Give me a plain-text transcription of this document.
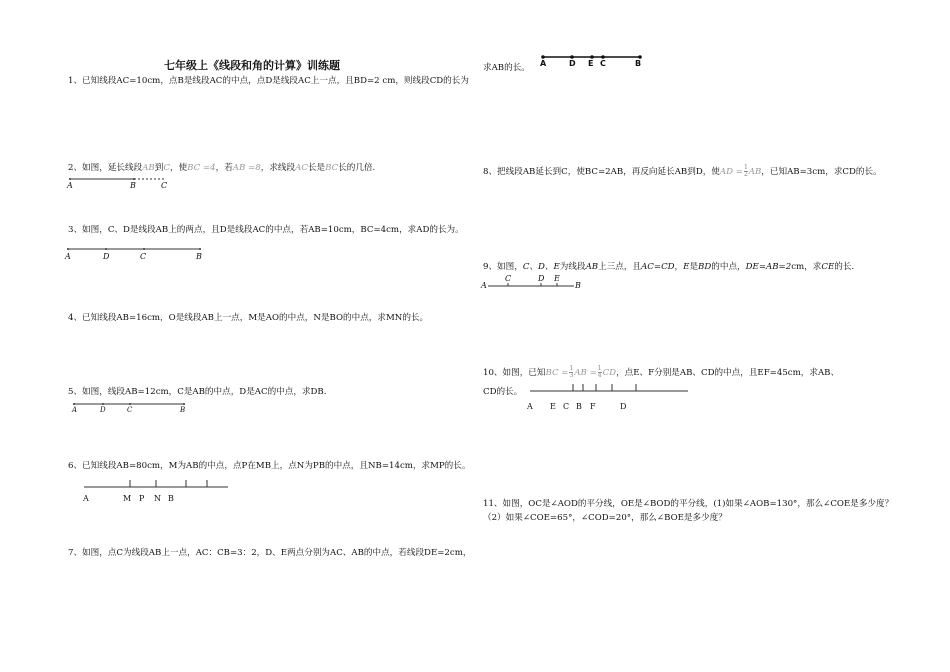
七年级上《线段和角的计算》训练题
1、已知线段AC=10cm，点B是线段AC的中点，点D是线段AC上一点，且BD=2 cm，则线段CD的长为
2、如图，延长线段AB到C，使BC =4，若AB =8，求线段AC长是BC长的几倍.
3、如图，C、D是线段AB上的两点，且D是线段AC的中点，若AB=10cm，BC=4cm，求AD的长为。
4、已知线段AB=16cm，O是线段AB上一点，M是AO的中点，N是BO的中点，求MN的长。
5、如图，线段AB=12cm，C是AB的中点，D是AC的中点，求DB.
6、已知线段AB=80cm，M为AB的中点，点P在MB上，点N为PB的中点，且NB=14cm，求MP的长。
7、如图，点C为线段AB上一点，AC：CB=3：2，D、E两点分别为AC、AB的中点，若线段DE=2cm，
求AB的长。
8、把线段AB延长到C，使BC=2AB，再反向延长AB到D，使AD = $\frac{1}{2}$ AB，已知AB=3cm，求CD的长。
9、如图，C、D、E为线段AB上三点，且AC=CD，E是BD的中点，DE=AB=2cm，求CE的长.
10、如图，已知BC = $\frac{1}{3}$ AB = $\frac{1}{4}$ CD，点E、F分别是AB、CD的中点，且EF=45cm，求AB、
CD的长。
11、如图，OC是∠AOD的平分线，OE是∠BOD的平分线，(1)如果∠AOB=130°，那么∠COE是多少度？
（2）如果∠COE=65°，∠COD=20°，那么∠BOE是多少度？
A	B	C
A	D	C	B
A	D	C	B
A	M P N B
A	D E C	B
A
C	D E
B
A E C B F	D
